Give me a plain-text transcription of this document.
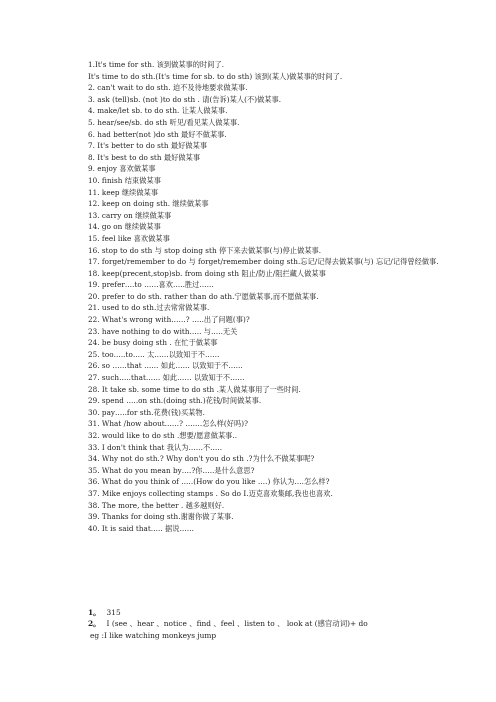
1.It's time for sth. 该到做某事的时间了.
It's time to do sth.(It's time for sb. to do sth) 该到(某人)做某事的时间了.
2. can't wait to do sth. 迫不及待地要求做某事.
3. ask (tell)sb. (not )to do sth . 请(告诉)某人(不)做某事.
4. make/let sb. to do sth. 让某人做某事.
5. hear/see/sb. do sth 听见/看见某人做某事.
6. had better(not )do sth 最好不做某事.
7. It's better to do sth 最好做某事
8. It's best to do sth 最好做某事
9. enjoy 喜欢做某事
10. finish 结束做某事
11. keep 继续做某事
12. keep on doing sth. 继续做某事
13. carry on 继续做某事
14. go on 继续做某事
15. feel like 喜欢做某事
16. stop to do sth 与 stop doing sth 停下来去做某事(与)停止做某事.
17. forget/remember to do 与 forget/remember doing sth.忘记/记得去做某事(与) 忘记/记得曾经做事.
18. keep(precent,stop)sb. from doing sth 阻止/防止/阻拦藏人做某事
19. prefer….to ……喜欢…..胜过……
20. prefer to do sth. rather than do ath.宁愿做某事,而不愿做某事.
21. used to do sth.过去常常做某事.
22. What's wrong with……? …..出了问题(事)?
23. have nothing to do with….. 与…..无关
24. be busy doing sth . 在忙于做某事
25. too…..to….. 太……以致知于不……
26. so ……that …… 如此…… 以致知于不……
27. such…..that…… 如此…… 以致知于不……
28. It take sb. some time to do sth .某人做某事用了一些时间.
29. spend …..on sth.(doing sth.)花钱/时间做某事.
30. pay…..for sth.花费(钱)买某物.
31. What /how about……? …….怎么样(好吗)?
32. would like to do sth .想要/愿意做某事..
33. I don't think that 我认为……不…..
34. Why not do sth.? Why don't you do sth .?为什么不做某事呢?
35. What do you mean by….?你…..是什么意思?
36. What do you think of …..(How do you like ….) 你认为….怎么样?
37. Mike enjoys collecting stamps . So do I.迈克喜欢集邮,我也也喜欢.
38. The more, the better . 越多越则好.
39. Thanks for doing sth.谢谢你做了某事.
40. It is said that….. 据说……
1。 315
2。 I (see 、hear 、notice 、find 、feel 、listen to 、 look at (感官动词)+ do
eg :I like watching monkeys jump
